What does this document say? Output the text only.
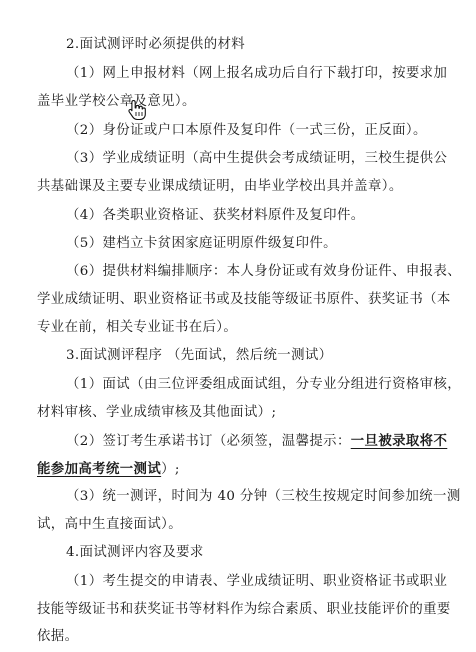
2.面试测评时必须提供的材料
（1）网上申报材料（网上报名成功后自行下载打印，按要求加
盖毕业学校公章及意见）。
（2）身份证或户口本原件及复印件（一式三份，正反面）。
（3）学业成绩证明（高中生提供会考成绩证明，三校生提供公
共基础课及主要专业课成绩证明，由毕业学校出具并盖章）。
（4）各类职业资格证、获奖材料原件及复印件。
（5）建档立卡贫困家庭证明原件级复印件。
（6）提供材料编排顺序：本人身份证或有效身份证件、申报表、
学业成绩证明、职业资格证书或及技能等级证书原件、获奖证书（本
专业在前，相关专业证书在后）。
3.面试测评程序 （先面试，然后统一测试）
（1）面试（由三位评委组成面试组，分专业分组进行资格审核，
材料审核、学业成绩审核及其他面试）;
（2）签订考生承诺书订（必须签，温馨提示：一旦被录取将不
能参加高考统一测试）;
（3）统一测评，时间为 40 分钟（三校生按规定时间参加统一测
试，高中生直接面试）。
4.面试测评内容及要求
（1）考生提交的申请表、学业成绩证明、职业资格证书或职业
技能等级证书和获奖证书等材料作为综合素质、职业技能评价的重要
依据。
